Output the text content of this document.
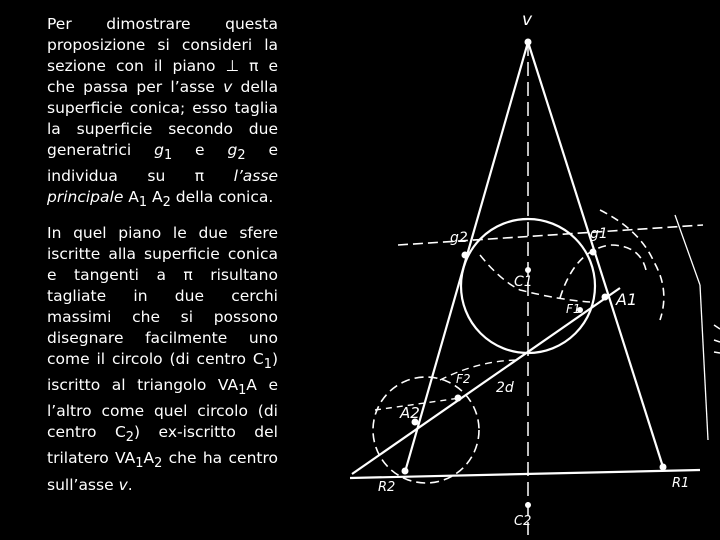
Per dimostrare questa proposizione si consideri la sezione con il piano ⊥ π e che passa per l’asse v della superficie conica; esso taglia la superficie secondo due generatrici $g_1$ e $g_2$ e individua su π l’asse principale $A_1$ $A_2$ della conica.

In quel piano le due sfere iscritte alla superficie conica e tangenti a π risultano tagliate in due cerchi massimi che si possono disegnare facilmente uno come il circolo (di centro $C_1$) iscritto al triangolo $VA_1A$ e l’altro come quel circolo (di centro $C_2$) ex-iscritto del trilatero $VA_1A_2$ che ha centro sull’asse v.

v
g1
g2
C1
F1 A1
F2
2d
A2
R2	R1
C2
